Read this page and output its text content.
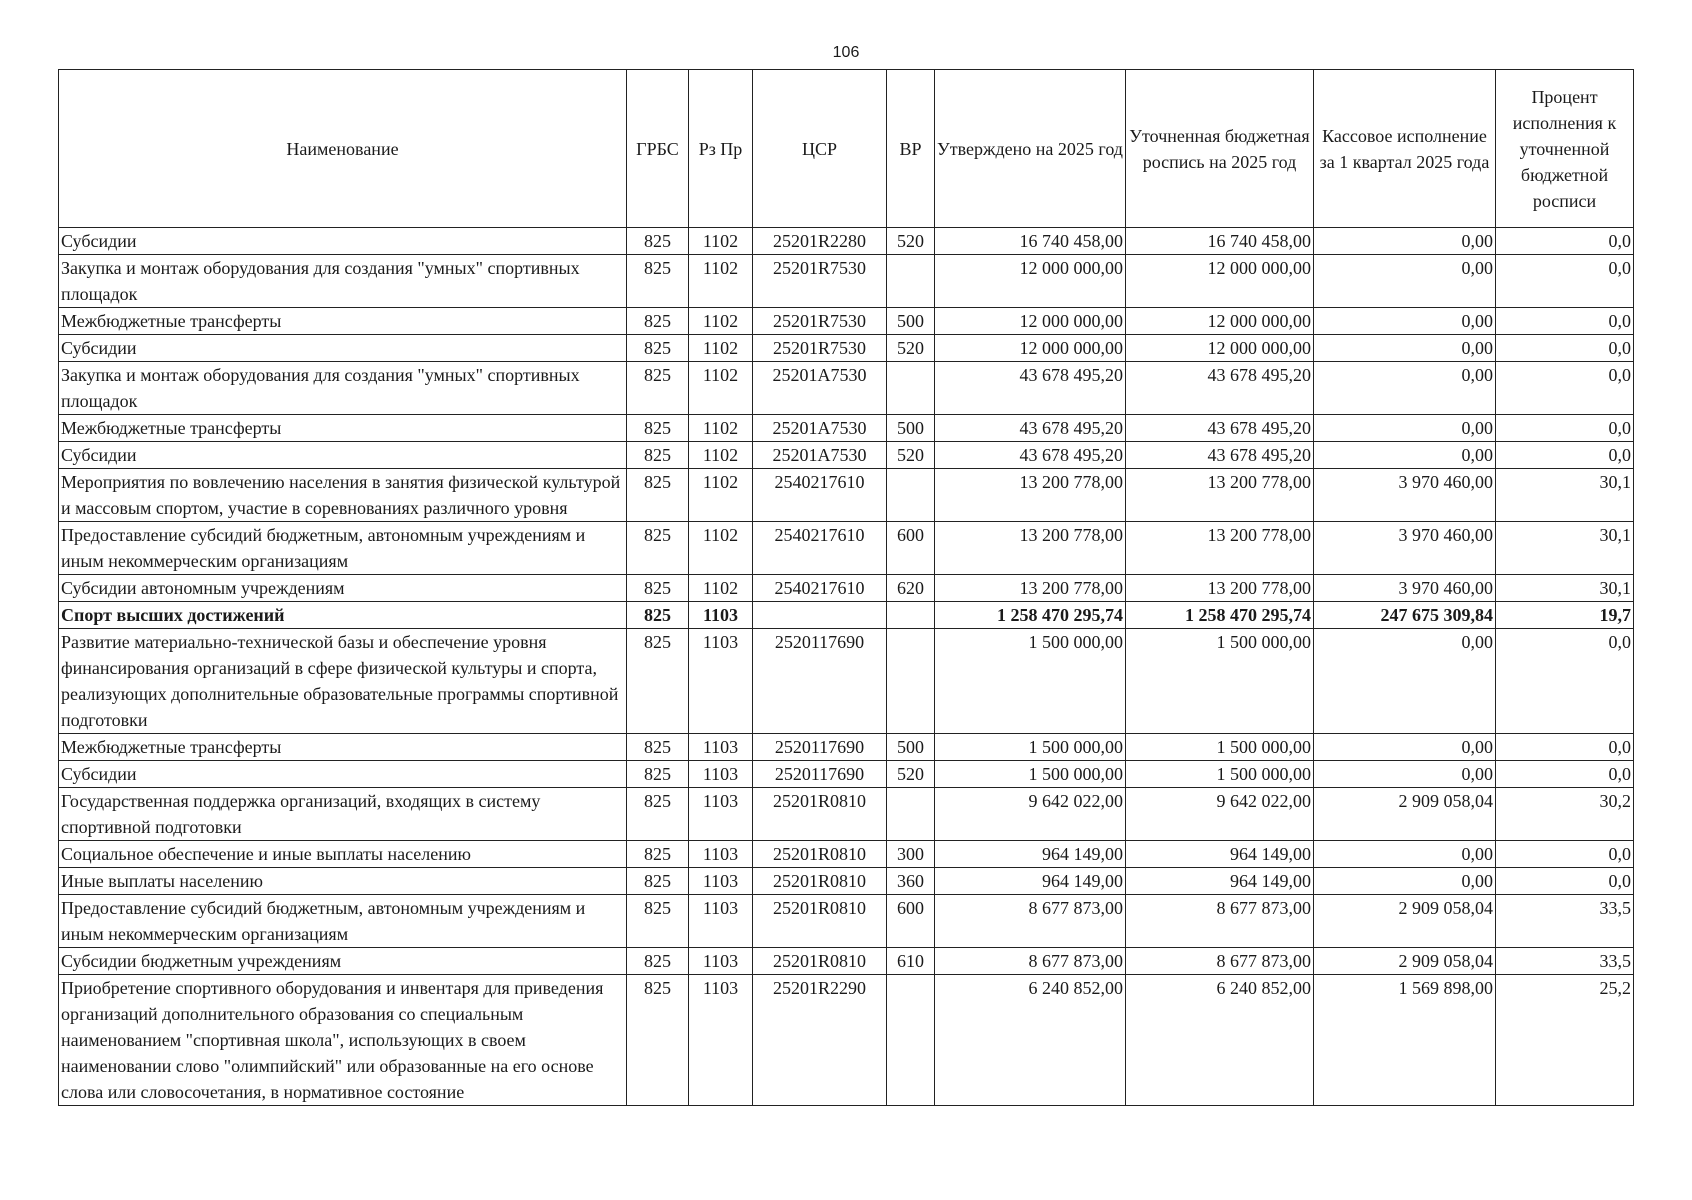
106
Наименование	ГРБС	Рз Пр	ЦСР	ВР	Утверждено на 2025 год	Уточненная бюджетная роспись на 2025 год	Кассовое исполнение за 1 квартал 2025 года	Процент исполнения к уточненной бюджетной росписи
Субсидии	825	1102	25201R2280	520	16 740 458,00	16 740 458,00	0,00	0,0
Закупка и монтаж оборудования для создания "умных" спортивных площадок	825	1102	25201R7530		12 000 000,00	12 000 000,00	0,00	0,0
Межбюджетные трансферты	825	1102	25201R7530	500	12 000 000,00	12 000 000,00	0,00	0,0
Субсидии	825	1102	25201R7530	520	12 000 000,00	12 000 000,00	0,00	0,0
Закупка и монтаж оборудования для создания "умных" спортивных площадок	825	1102	25201A7530		43 678 495,20	43 678 495,20	0,00	0,0
Межбюджетные трансферты	825	1102	25201A7530	500	43 678 495,20	43 678 495,20	0,00	0,0
Субсидии	825	1102	25201A7530	520	43 678 495,20	43 678 495,20	0,00	0,0
Мероприятия по вовлечению населения в занятия физической культурой и массовым спортом, участие в соревнованиях различного уровня	825	1102	2540217610		13 200 778,00	13 200 778,00	3 970 460,00	30,1
Предоставление субсидий бюджетным, автономным учреждениям и иным некоммерческим организациям	825	1102	2540217610	600	13 200 778,00	13 200 778,00	3 970 460,00	30,1
Субсидии автономным учреждениям	825	1102	2540217610	620	13 200 778,00	13 200 778,00	3 970 460,00	30,1
Спорт высших достижений	825	1103			1 258 470 295,74	1 258 470 295,74	247 675 309,84	19,7
Развитие материально-технической базы и обеспечение уровня финансирования организаций в сфере физической культуры и спорта, реализующих дополнительные образовательные программы спортивной подготовки	825	1103	2520117690		1 500 000,00	1 500 000,00	0,00	0,0
Межбюджетные трансферты	825	1103	2520117690	500	1 500 000,00	1 500 000,00	0,00	0,0
Субсидии	825	1103	2520117690	520	1 500 000,00	1 500 000,00	0,00	0,0
Государственная поддержка организаций, входящих в систему спортивной подготовки	825	1103	25201R0810		9 642 022,00	9 642 022,00	2 909 058,04	30,2
Социальное обеспечение и иные выплаты населению	825	1103	25201R0810	300	964 149,00	964 149,00	0,00	0,0
Иные выплаты населению	825	1103	25201R0810	360	964 149,00	964 149,00	0,00	0,0
Предоставление субсидий бюджетным, автономным учреждениям и иным некоммерческим организациям	825	1103	25201R0810	600	8 677 873,00	8 677 873,00	2 909 058,04	33,5
Субсидии бюджетным учреждениям	825	1103	25201R0810	610	8 677 873,00	8 677 873,00	2 909 058,04	33,5
Приобретение спортивного оборудования и инвентаря для приведения организаций дополнительного образования со специальным наименованием "спортивная школа", использующих в своем наименовании слово "олимпийский" или образованные на его основе слова или словосочетания, в нормативное состояние	825	1103	25201R2290		6 240 852,00	6 240 852,00	1 569 898,00	25,2
